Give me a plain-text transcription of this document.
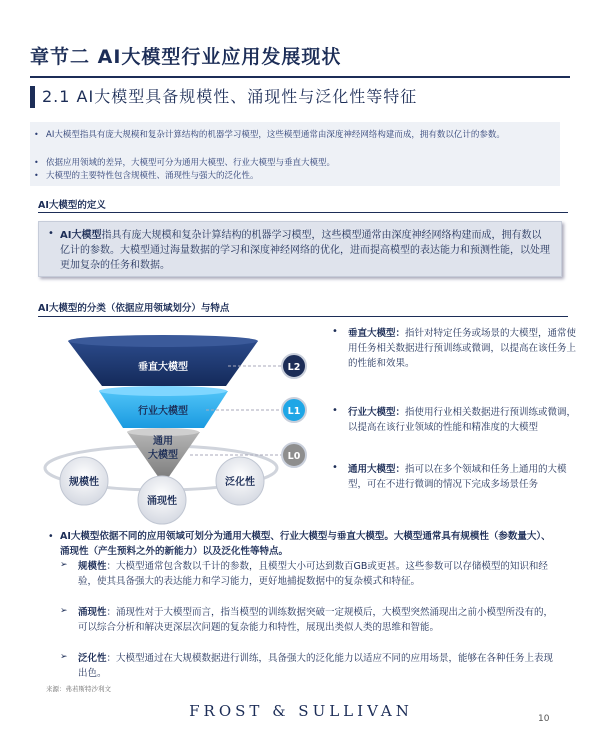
章节二 AI大模型行业应用发展现状
2.1 AI大模型具备规模性、涌现性与泛化性等特征
• AI大模型指具有庞大规模和复杂计算结构的机器学习模型，这些模型通常由深度神经网络构建而成，拥有数以亿计的参数。
• 依据应用领域的差异，大模型可分为通用大模型、行业大模型与垂直大模型。
• 大模型的主要特性包含规模性、涌现性与强大的泛化性。
AI大模型的定义
• AI大模型指具有庞大规模和复杂计算结构的机器学习模型，这些模型通常由深度神经网络构建而成，拥有数以亿计的参数。大模型通过海量数据的学习和深度神经网络的优化，进而提高模型的表达能力和预测性能，以处理更加复杂的任务和数据。
AI大模型的分类（依据应用领域划分）与特点
垂直大模型
行业大模型
通用
大模型
L2
L1
L0
规模性
涌现性
泛化性
• 垂直大模型：指针对特定任务或场景的大模型，通常使用任务相关数据进行预训练或微调，以提高在该任务上的性能和效果。
• 行业大模型：指使用行业相关数据进行预训练或微调，以提高在该行业领域的性能和精准度的大模型
• 通用大模型：指可以在多个领域和任务上通用的大模型，可在不进行微调的情况下完成多场景任务
• AI大模型依据不同的应用领域可划分为通用大模型、行业大模型与垂直大模型。大模型通常具有规模性（参数量大）、涌现性（产生预料之外的新能力）以及泛化性等特点。
➢ 规模性：大模型通常包含数以千计的参数，且模型大小可达到数百GB或更甚。这些参数可以存储模型的知识和经验，使其具备强大的表达能力和学习能力，更好地捕捉数据中的复杂模式和特征。
➢ 涌现性：涌现性对于大模型而言，指当模型的训练数据突破一定规模后，大模型突然涌现出之前小模型所没有的，可以综合分析和解决更深层次问题的复杂能力和特性，展现出类似人类的思维和智能。
➢ 泛化性：大模型通过在大规模数据进行训练，具备强大的泛化能力以适应不同的应用场景，能够在各种任务上表现出色。
来源：弗若斯特沙利文
FROST & SULLIVAN	10
